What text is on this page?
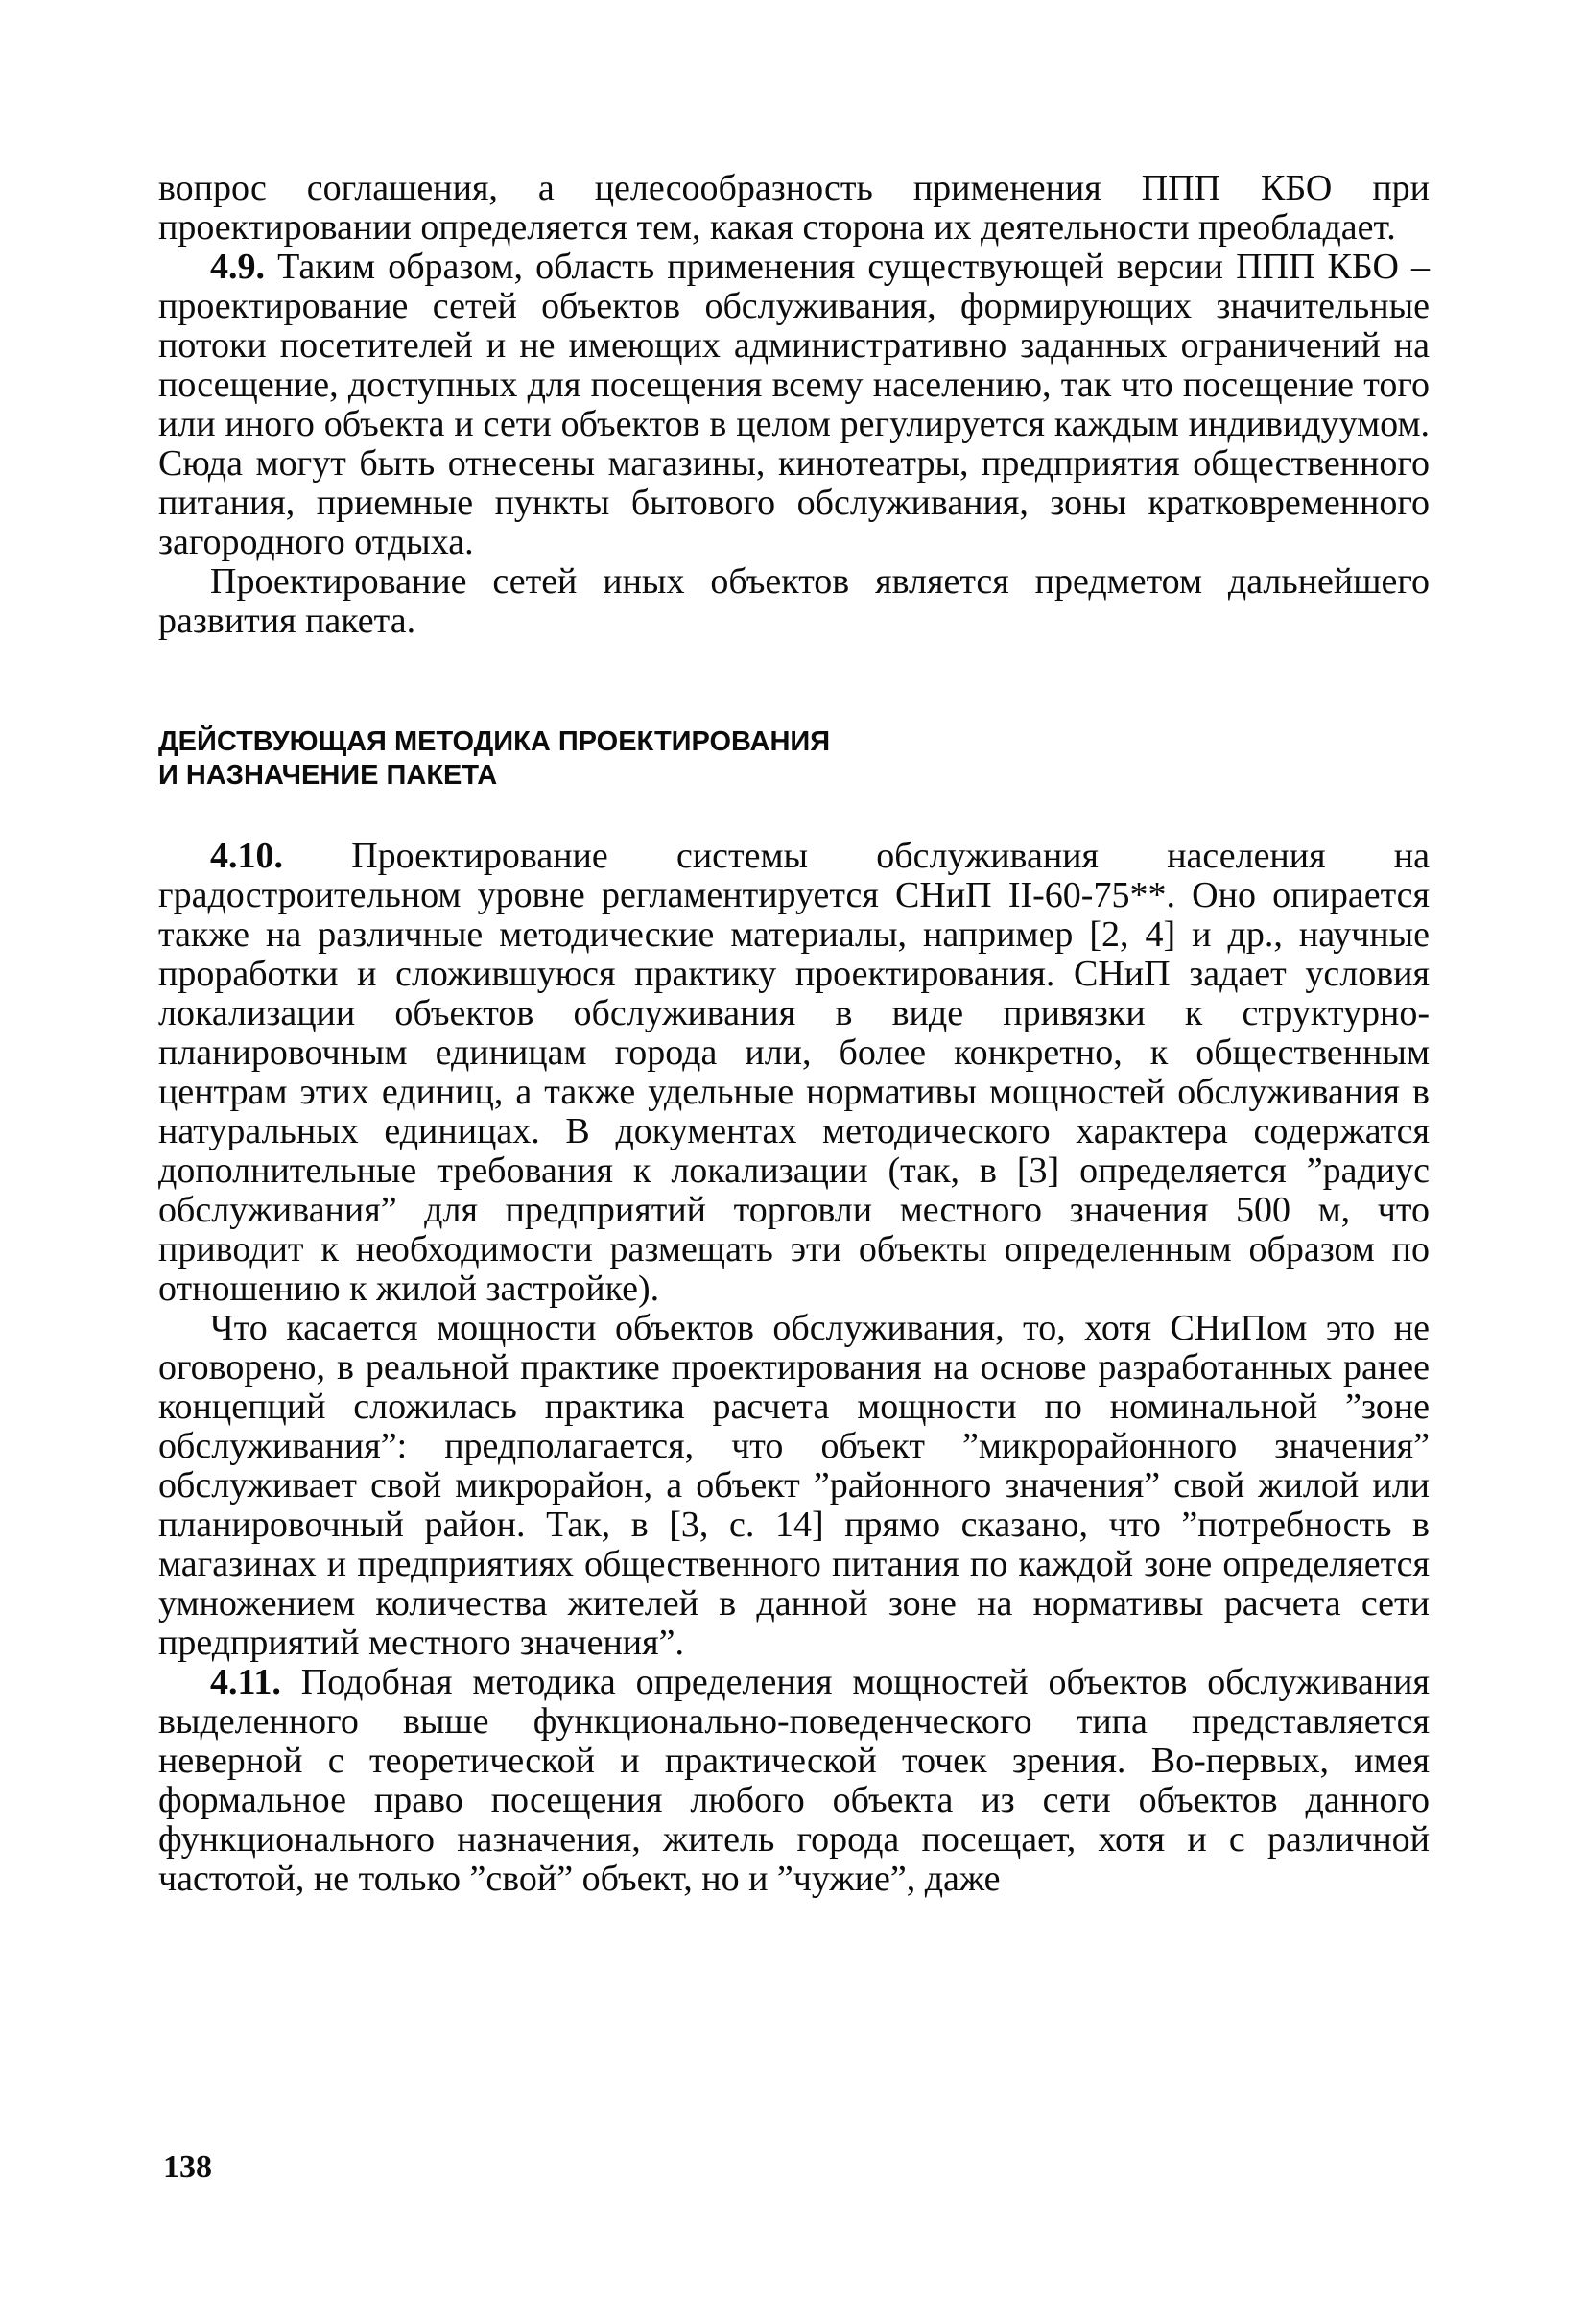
вопрос соглашения, а целесообразность применения ППП КБО при проектировании определяется тем, какая сторона их деятельности преобладает.

4.9. Таким образом, область применения существующей версии ППП КБО – проектирование сетей объектов обслуживания, формирующих значительные потоки посетителей и не имеющих административно заданных ограничений на посещение, доступных для посещения всему населению, так что посещение того или иного объекта и сети объектов в целом регулируется каждым индивидуумом. Сюда могут быть отнесены магазины, кинотеатры, предприятия общественного питания, приемные пункты бытового обслуживания, зоны кратковременного загородного отдыха.

Проектирование сетей иных объектов является предметом дальнейшего развития пакета.

ДЕЙСТВУЮЩАЯ МЕТОДИКА ПРОЕКТИРОВАНИЯ
И НАЗНАЧЕНИЕ ПАКЕТА

4.10. Проектирование системы обслуживания населения на градостроительном уровне регламентируется СНиП II-60-75**. Оно опирается также на различные методические материалы, например [2, 4] и др., научные проработки и сложившуюся практику проектирования. СНиП задает условия локализации объектов обслуживания в виде привязки к структурно-планировочным единицам города или, более конкретно, к общественным центрам этих единиц, а также удельные нормативы мощностей обслуживания в натуральных единицах. В документах методического характера содержатся дополнительные требования к локализации (так, в [3] определяется ”радиус обслуживания” для предприятий торговли местного значения 500 м, что приводит к необходимости размещать эти объекты определенным образом по отношению к жилой застройке).

Что касается мощности объектов обслуживания, то, хотя СНиПом это не оговорено, в реальной практике проектирования на основе разработанных ранее концепций сложилась практика расчета мощности по номинальной ”зоне обслуживания”: предполагается, что объект ”микрорайонного значения” обслуживает свой микрорайон, а объект ”районного значения” свой жилой или планировочный район. Так, в [3, с. 14] прямо сказано, что ”потребность в магазинах и предприятиях общественного питания по каждой зоне определяется умножением количества жителей в данной зоне на нормативы расчета сети предприятий местного значения”.

4.11. Подобная методика определения мощностей объектов обслуживания выделенного выше функционально-поведенческого типа представляется неверной с теоретической и практической точек зрения. Во-первых, имея формальное право посещения любого объекта из сети объектов данного функционального назначения, житель города посещает, хотя и с различной частотой, не только ”свой” объект, но и ”чужие”, даже

138
